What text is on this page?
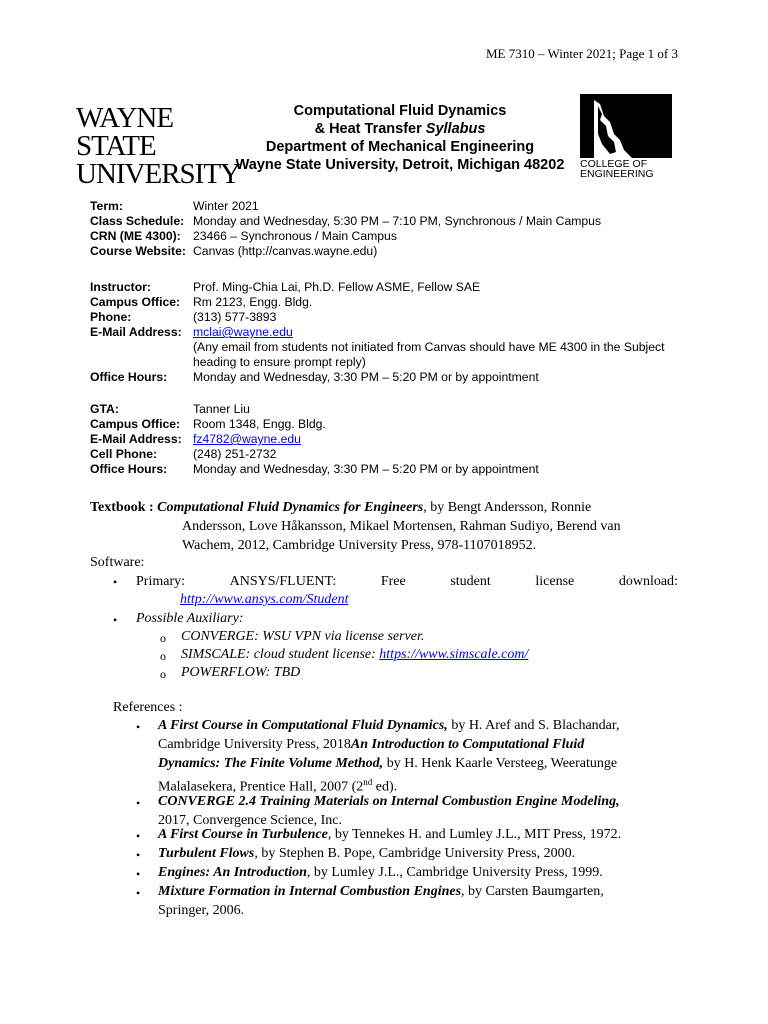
ME 7310 – Winter 2021; Page 1 of 3
WAYNE STATE
UNIVERSITY
Computational Fluid Dynamics
& Heat Transfer Syllabus
Department of Mechanical Engineering
Wayne State University, Detroit, Michigan 48202	COLLEGE OF
ENGINEERING
Term:	Winter 2021
Class Schedule: Monday and Wednesday, 5:30 PM – 7:10 PM, Synchronous / Main Campus
CRN (ME 4300):	23466 – Synchronous / Main Campus
Course Website: Canvas (http://canvas.wayne.edu)
Instructor:	Prof. Ming-Chia Lai, Ph.D. Fellow ASME, Fellow SAE
Campus Office:	Rm 2123, Engg. Bldg.
Phone:	(313) 577-3893
E-Mail Address: mclai@wayne.edu
(Any email from students not initiated from Canvas should have ME 4300 in the Subject
heading to ensure prompt reply)
Office Hours:	Monday and Wednesday, 3:30 PM – 5:20 PM or by appointment
GTA:	Tanner Liu
Campus Office:	Room 1348, Engg. Bldg.
E-Mail Address: fz4782@wayne.edu
Cell Phone:	(248) 251-2732
Office Hours:	Monday and Wednesday, 3:30 PM – 5:20 PM or by appointment
Textbook : Computational Fluid Dynamics for Engineers, by Bengt Andersson, Ronnie
Andersson, Love Håkansson, Mikael Mortensen, Rahman Sudiyo, Berend van
Wachem, 2012, Cambridge University Press, 978-1107018952.
Software:
• Primary:	ANSYS/FLUENT:	Free	student	license	download:
http://www.ansys.com/Student
• Possible Auxiliary:
o CONVERGE: WSU VPN via license server.
o SIMSCALE: cloud student license: https://www.simscale.com/
o POWERFLOW: TBD
References :
• A First Course in Computational Fluid Dynamics, by H. Aref and S. Blachandar,
Cambridge University Press, 2018An Introduction to Computational Fluid
Dynamics: The Finite Volume Method, by H. Henk Kaarle Versteeg, Weeratunge
Malalasekera, Prentice Hall, 2007 (2nd ed).
• CONVERGE 2.4 Training Materials on Internal Combustion Engine Modeling,
2017, Convergence Science, Inc.
• A First Course in Turbulence, by Tennekes H. and Lumley J.L., MIT Press, 1972.
• Turbulent Flows, by Stephen B. Pope, Cambridge University Press, 2000.
• Engines: An Introduction, by Lumley J.L., Cambridge University Press, 1999.
• Mixture Formation in Internal Combustion Engines, by Carsten Baumgarten,
Springer, 2006.
